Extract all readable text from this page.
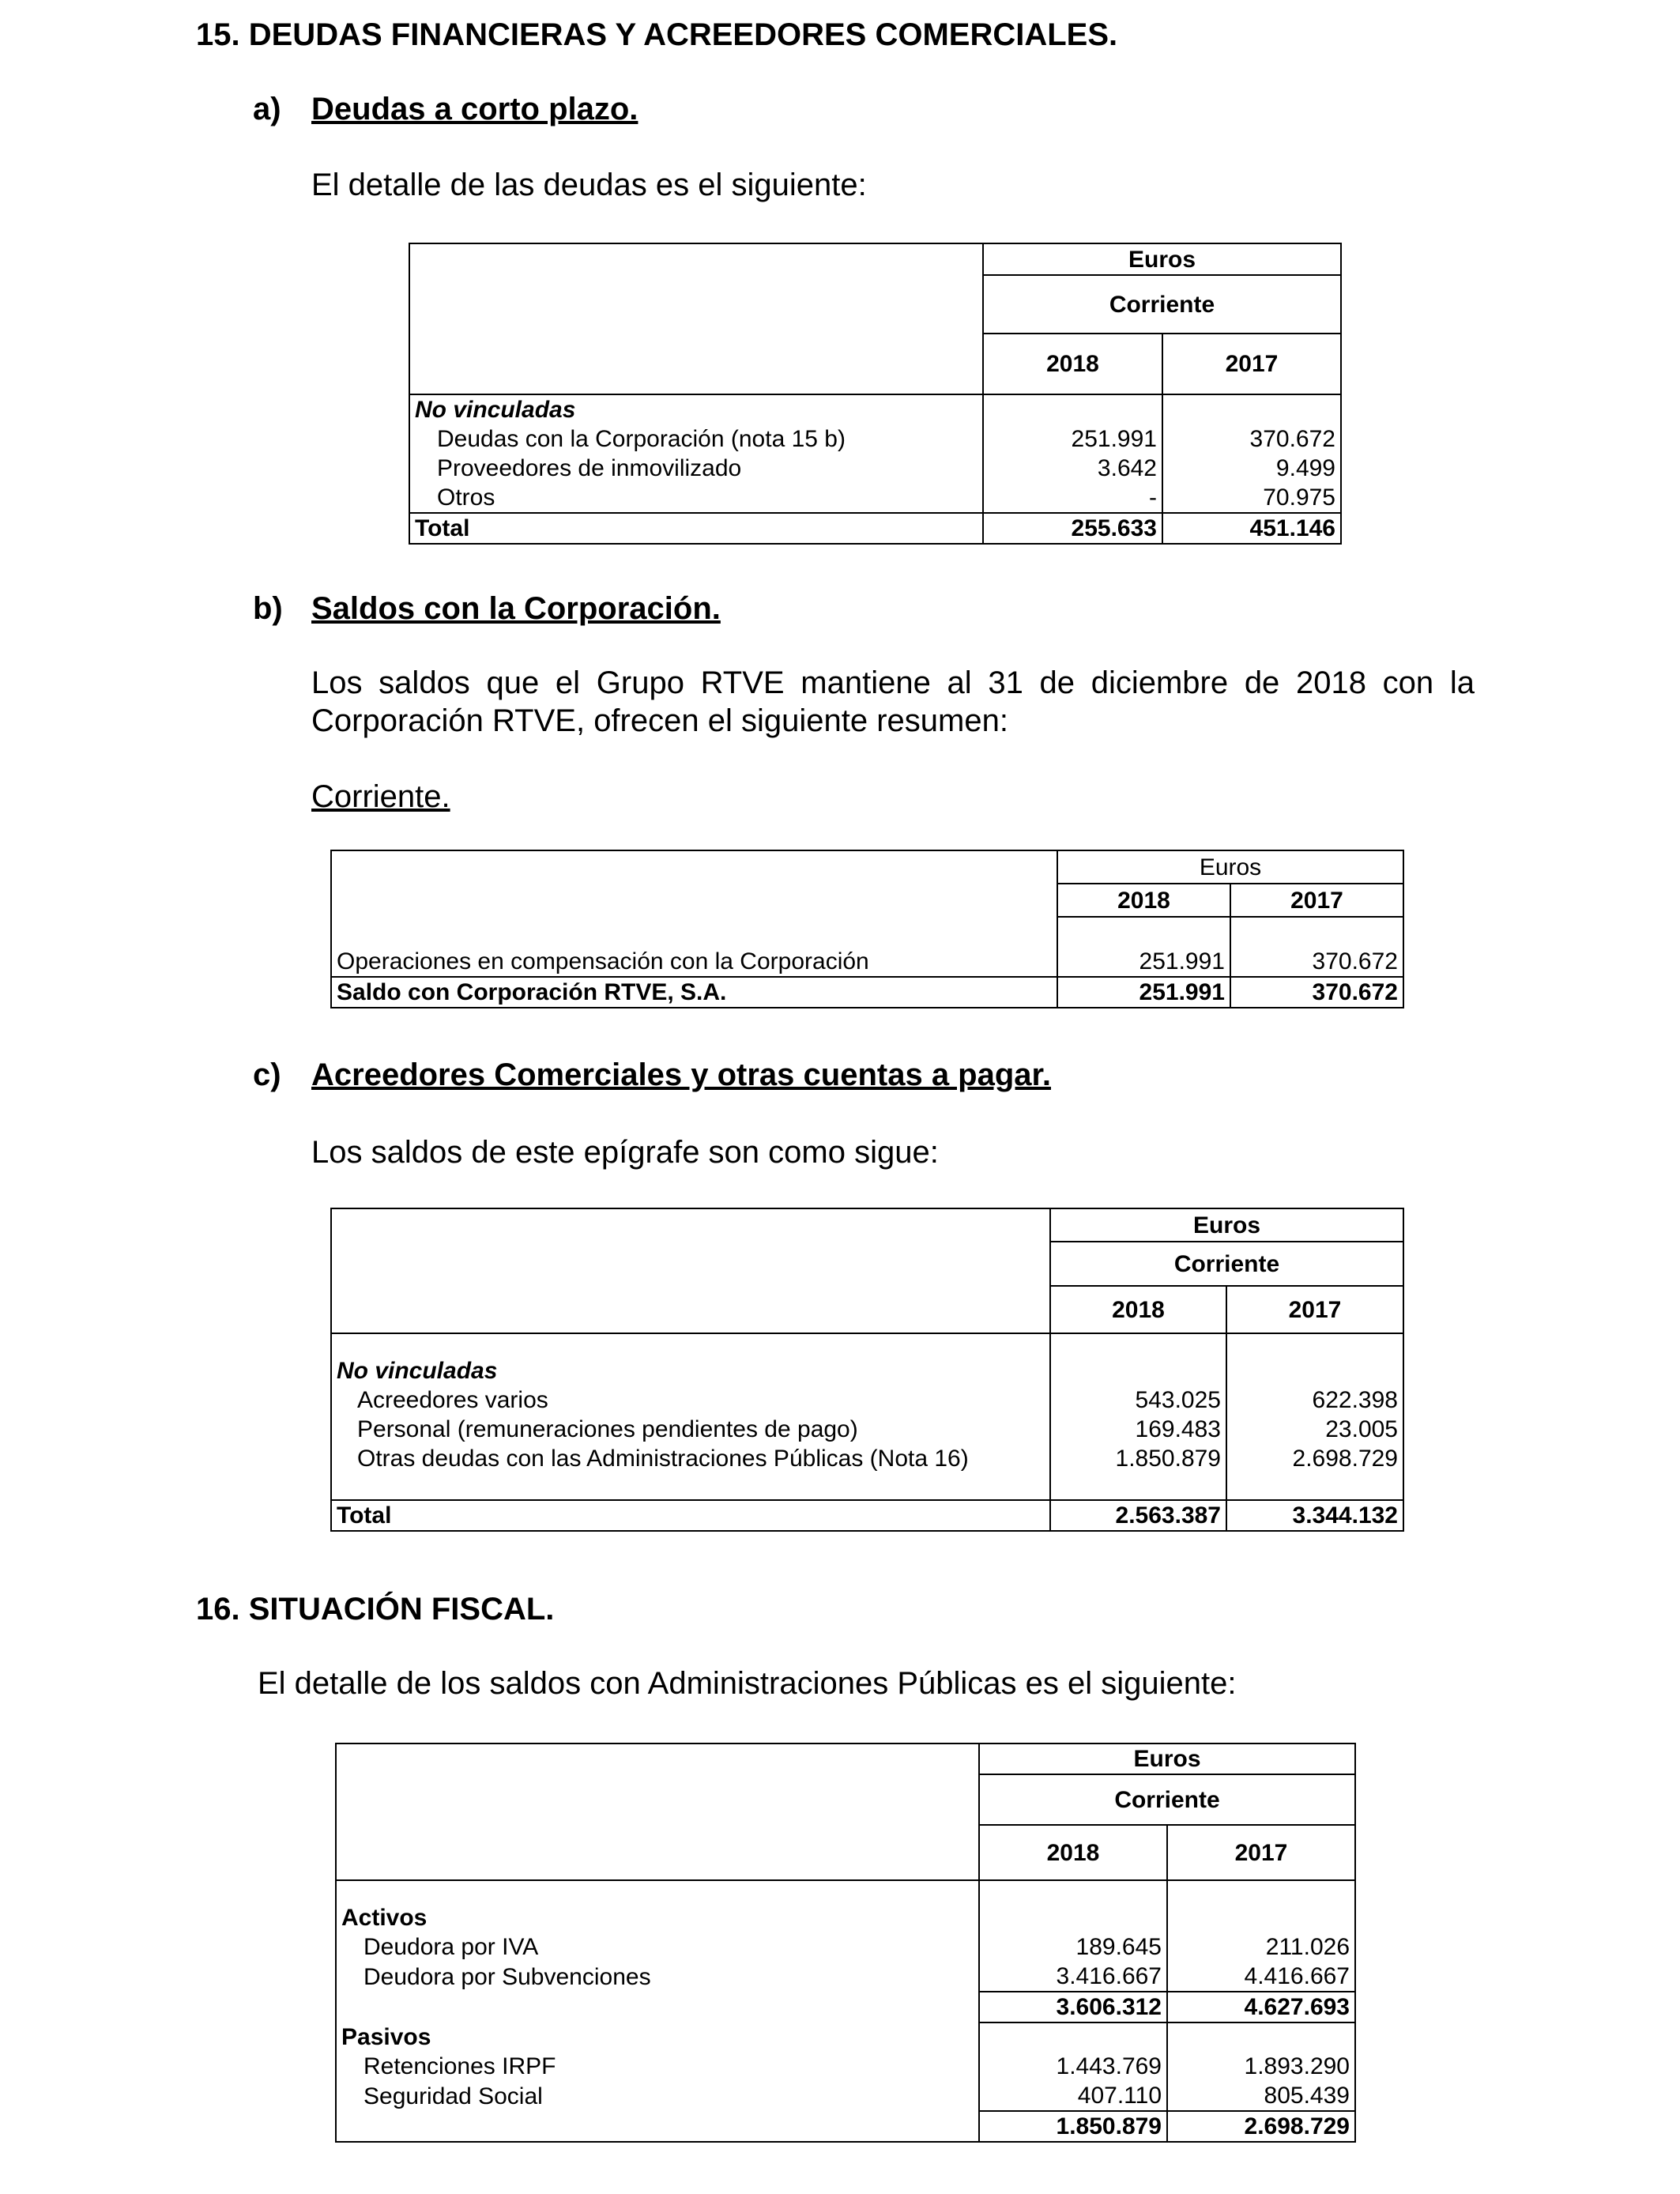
15. DEUDAS FINANCIERAS Y ACREEDORES COMERCIALES.
a) Deudas a corto plazo.
El detalle de las deudas es el siguiente:
	Euros	
	Corriente	
	2018	2017
No vinculadas		
Deudas con la Corporación (nota 15 b)	251.991	370.672
Proveedores de inmovilizado	3.642	9.499
Otros	-	70.975
Total	255.633	451.146
b) Saldos con la Corporación.
Los saldos que el Grupo RTVE mantiene al 31 de diciembre de 2018 con la
Corporación RTVE, ofrecen el siguiente resumen:
Corriente.
	Euros	
	2018	2017

Operaciones en compensación con la Corporación	251.991	370.672
Saldo con Corporación RTVE, S.A.	251.991	370.672
c) Acreedores Comerciales y otras cuentas a pagar.
Los saldos de este epígrafe son como sigue:
	Euros	
	Corriente	
	2018	2017
No vinculadas		
Acreedores varios	543.025	622.398
Personal (remuneraciones pendientes de pago)	169.483	23.005
Otras deudas con las Administraciones Públicas (Nota 16)	1.850.879	2.698.729

Total	2.563.387	3.344.132
16. SITUACIÓN FISCAL.
El detalle de los saldos con Administraciones Públicas es el siguiente:
	Euros	
	Corriente	
	2018	2017
Activos		
Deudora por IVA	189.645	211.026
Deudora por Subvenciones	3.416.667	4.416.667
	3.606.312	4.627.693
Pasivos		
Retenciones IRPF	1.443.769	1.893.290
Seguridad Social	407.110	805.439
	1.850.879	2.698.729
